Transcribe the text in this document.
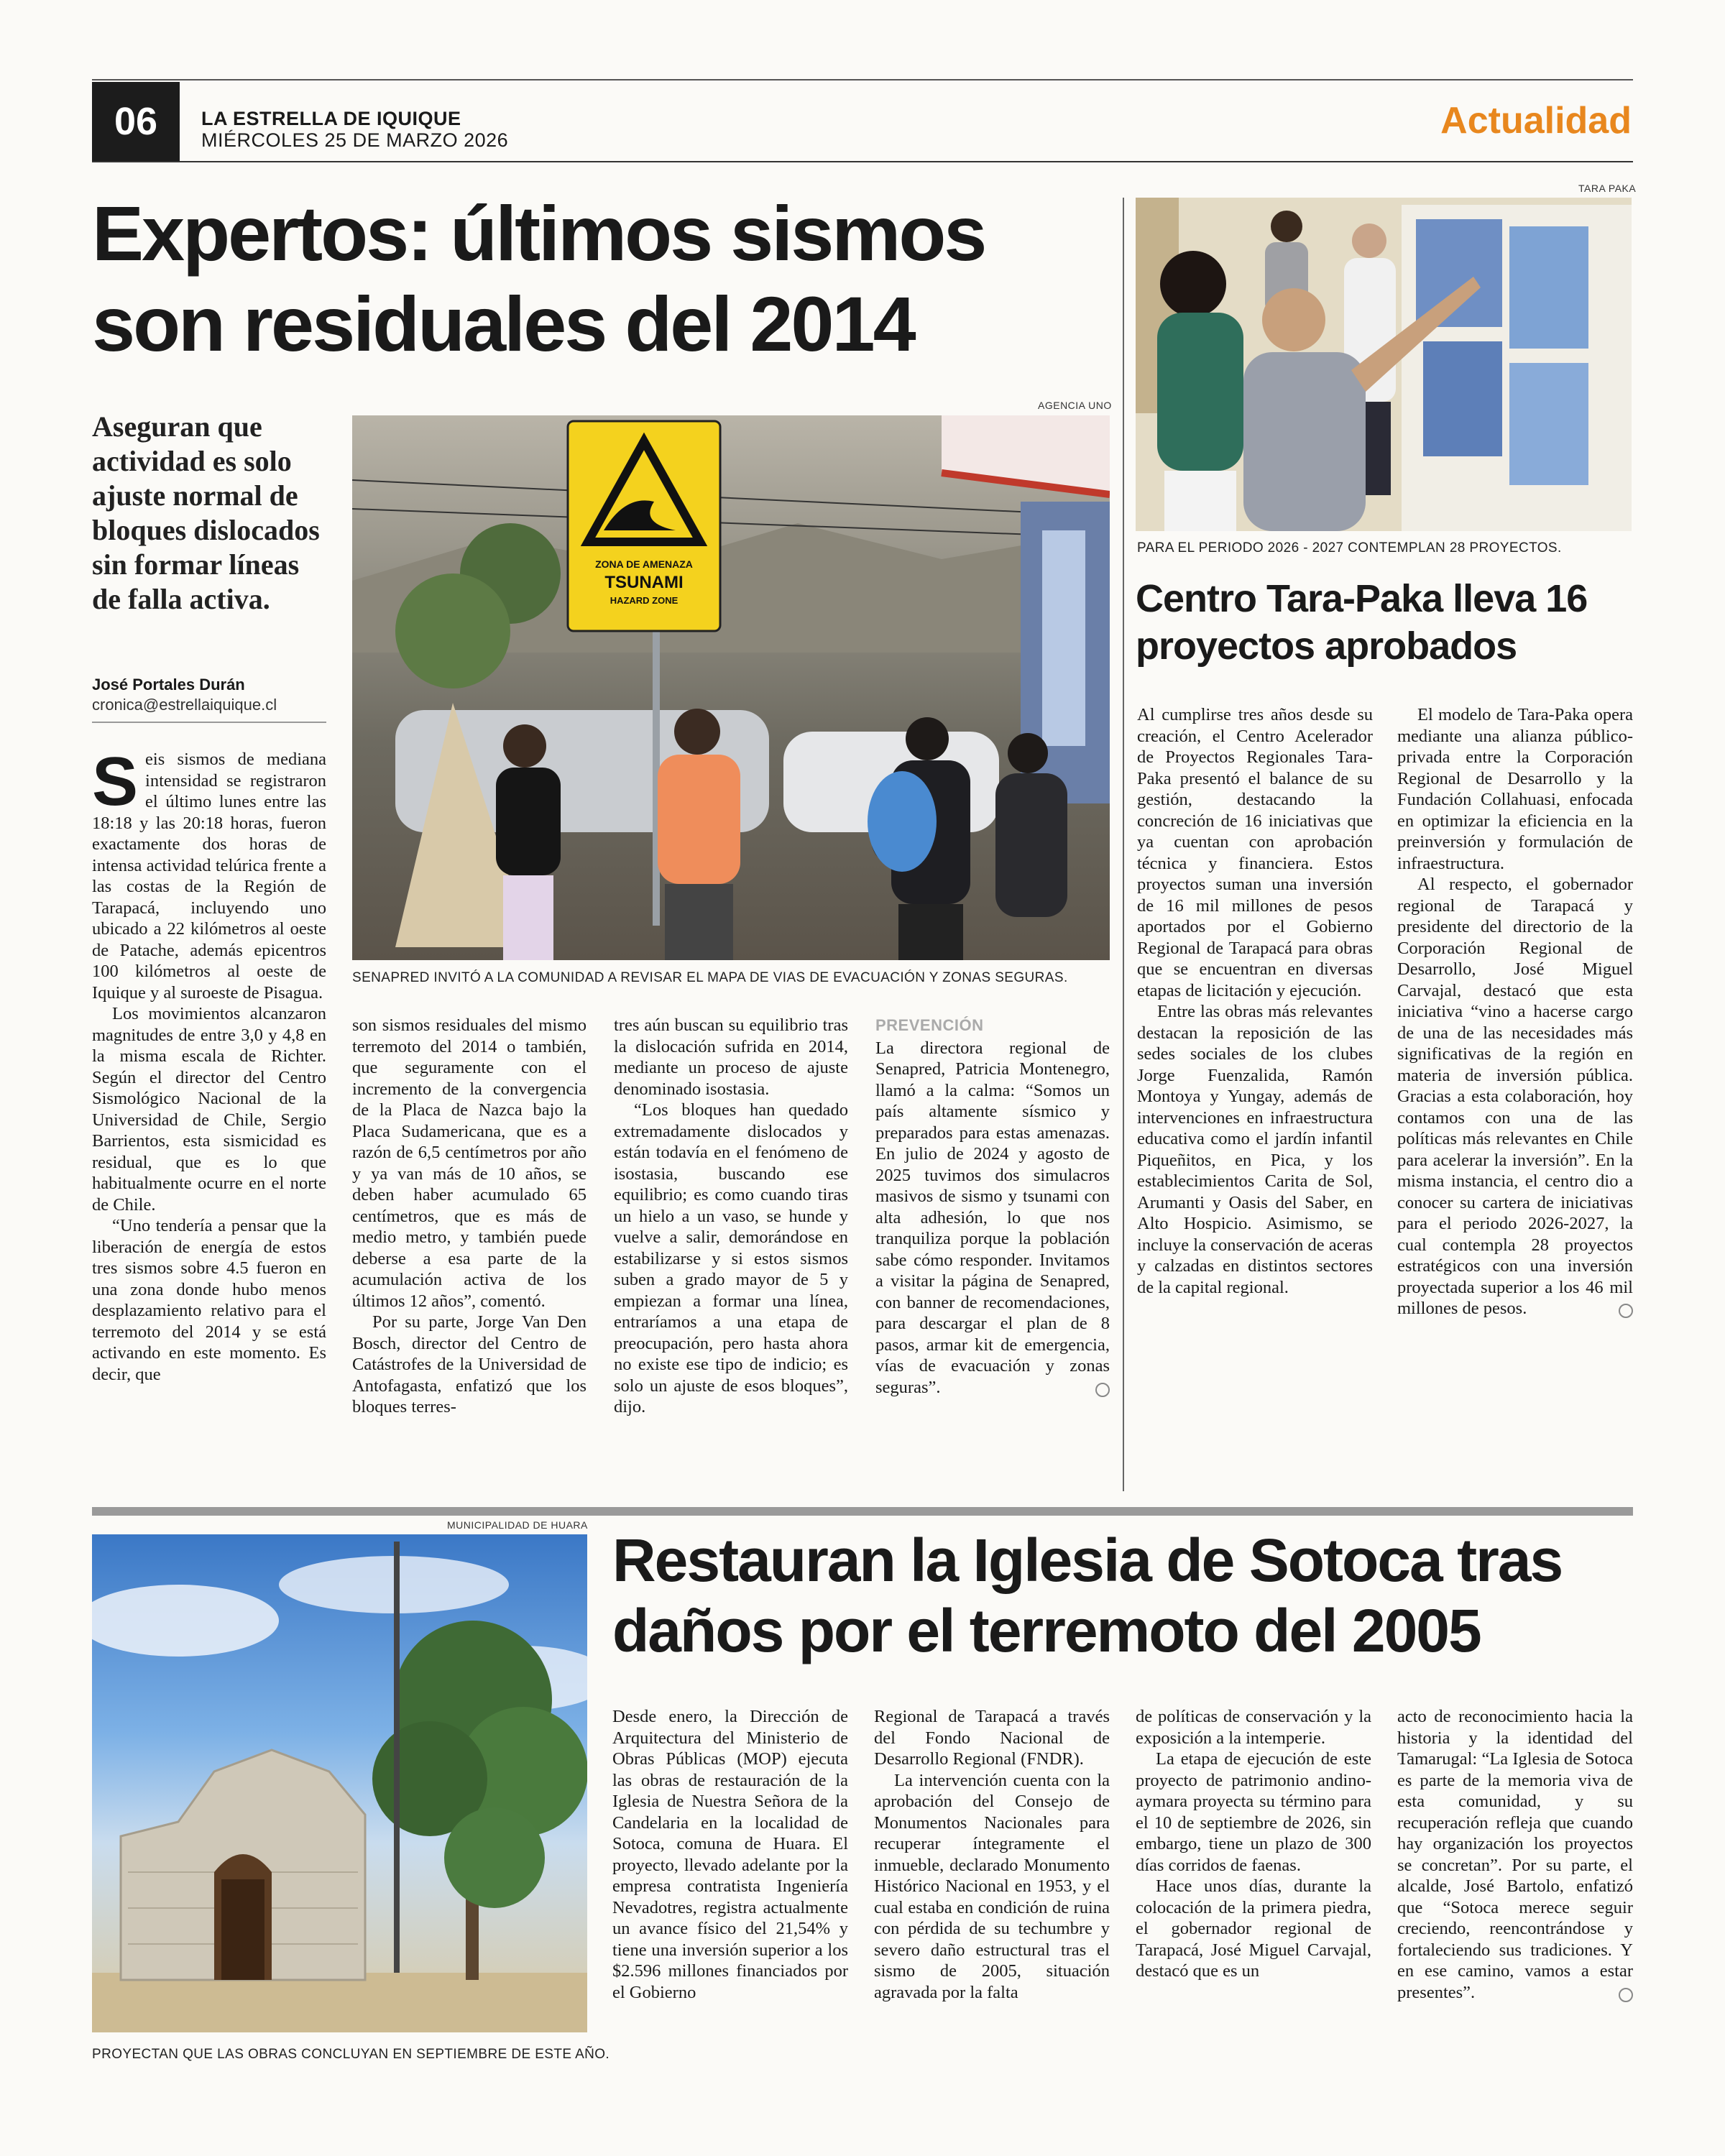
06	LA ESTRELLA DE IQUIQUE
MIÉRCOLES 25 DE MARZO 2026	Actualidad
Expertos: últimos sismos son residuales del 2014

Aseguran que actividad es solo ajuste normal de bloques dislocados sin formar líneas de falla activa.

José Portales Durán
cronica@estrellaiquique.cl
AGENCIA UNO
ZONA DE AMENAZA
TSUNAMI
HAZARD ZONE
SENAPRED INVITÓ A LA COMUNIDAD A REVISAR EL MAPA DE VIAS DE EVACUACIÓN Y ZONAS SEGURAS.
S eis sismos de mediana intensidad se registraron el último lunes entre las 18:18 y las 20:18 horas, fueron exactamente dos horas de intensa actividad telúrica frente a las costas de la Región de Tarapacá, incluyendo uno ubicado a 22 kilómetros al oeste de Patache, además epicentros 100 kilómetros al oeste de Iquique y al suroeste de Pisagua.

Los movimientos alcanzaron magnitudes de entre 3,0 y 4,8 en la misma escala de Richter. Según el director del Centro Sismológico Nacional de la Universidad de Chile, Sergio Barrientos, esta sismicidad es residual, que es lo que habitualmente ocurre en el norte de Chile.

“Uno tendería a pensar que la liberación de energía de estos tres sismos sobre 4.5 fueron en una zona donde hubo menos desplazamiento relativo para el terremoto del 2014 y se está activando en este momento. Es decir, que

son sismos residuales del mismo terremoto del 2014 o también, que seguramente con el incremento de la convergencia de la Placa de Nazca bajo la Placa Sudamericana, que es a razón de 6,5 centímetros por año y ya van más de 10 años, se deben haber acumulado 65 centímetros, que es más de medio metro, y también puede deberse a esa parte de la acumulación activa de los últimos 12 años”, comentó.

Por su parte, Jorge Van Den Bosch, director del Centro de Catástrofes de la Universidad de Antofagasta, enfatizó que los bloques terres-

tres aún buscan su equilibrio tras la dislocación sufrida en 2014, mediante un proceso de ajuste denominado isostasia.

“Los bloques han quedado extremadamente dislocados y están todavía en el fenómeno de isostasia, buscando ese equilibrio; es como cuando tiras un hielo a un vaso, se hunde y vuelve a salir, demorándose en estabilizarse y si estos sismos suben a grado mayor de 5 y empiezan a formar una línea, entraríamos a una etapa de preocupación, pero hasta ahora no existe ese tipo de indicio; es solo un ajuste de esos bloques”, dijo.

PREVENCIÓN

La directora regional de Senapred, Patricia Montenegro, llamó a la calma: “Somos un país altamente sísmico y preparados para estas amenazas. En julio de 2024 y agosto de 2025 tuvimos dos simulacros masivos de sismo y tsunami con alta adhesión, lo que nos tranquiliza porque la población sabe cómo responder. Invitamos a visitar la página de Senapred, con banner de recomendaciones, para descargar el plan de 8 pasos, armar kit de emergencia, vías de evacuación y zonas seguras”.

TARA PAKA
PARA EL PERIODO 2026 - 2027 CONTEMPLAN 28 PROYECTOS.
Centro Tara-Paka lleva 16 proyectos aprobados

Al cumplirse tres años desde su creación, el Centro Acelerador de Proyectos Regionales Tara-Paka presentó el balance de su gestión, destacando la concreción de 16 iniciativas que ya cuentan con aprobación técnica y financiera. Estos proyectos suman una inversión de 16 mil millones de pesos aportados por el Gobierno Regional de Tarapacá para obras que se encuentran en diversas etapas de licitación y ejecución.

Entre las obras más relevantes destacan la reposición de las sedes sociales de los clubes Jorge Fuenzalida, Ramón Montoya y Yungay, además de intervenciones en infraestructura educativa como el jardín infantil Piqueñitos, en Pica, y los establecimientos Carita de Sol, Arumanti y Oasis del Saber, en Alto Hospicio. Asimismo, se incluye la conservación de aceras y calzadas en distintos sectores de la capital regional.

El modelo de Tara-Paka opera mediante una alianza público-privada entre la Corporación Regional de Desarrollo y la Fundación Collahuasi, enfocada en optimizar la eficiencia en la preinversión y formulación de infraestructura.

Al respecto, el gobernador regional de Tarapacá y presidente del directorio de la Corporación Regional de Desarrollo, José Miguel Carvajal, destacó que esta iniciativa “vino a hacerse cargo de una de las necesidades más significativas de la región en materia de inversión pública. Gracias a esta colaboración, hoy contamos con una de las políticas más relevantes en Chile para acelerar la inversión”. En la misma instancia, el centro dio a conocer su cartera de iniciativas para el periodo 2026-2027, la cual contempla 28 proyectos estratégicos con una inversión proyectada superior a los 46 mil millones de pesos.

MUNICIPALIDAD DE HUARA
PROYECTAN QUE LAS OBRAS CONCLUYAN EN SEPTIEMBRE DE ESTE AÑO.
Restauran la Iglesia de Sotoca tras daños por el terremoto del 2005

Desde enero, la Dirección de Arquitectura del Ministerio de Obras Públicas (MOP) ejecuta las obras de restauración de la Iglesia de Nuestra Señora de la Candelaria en la localidad de Sotoca, comuna de Huara. El proyecto, llevado adelante por la empresa contratista Ingeniería Nevadotres, registra actualmente un avance físico del 21,54% y tiene una inversión superior a los $2.596 millones financiados por el Gobierno

Regional de Tarapacá a través del Fondo Nacional de Desarrollo Regional (FNDR).

La intervención cuenta con la aprobación del Consejo de Monumentos Nacionales para recuperar íntegramente el inmueble, declarado Monumento Histórico Nacional en 1953, y el cual estaba en condición de ruina con pérdida de su techumbre y severo daño estructural tras el sismo de 2005, situación agravada por la falta

de políticas de conservación y la exposición a la intemperie.

La etapa de ejecución de este proyecto de patrimonio andino-aymara proyecta su término para el 10 de septiembre de 2026, sin embargo, tiene un plazo de 300 días corridos de faenas.

Hace unos días, durante la colocación de la primera piedra, el gobernador regional de Tarapacá, José Miguel Carvajal, destacó que es un

acto de reconocimiento hacia la historia y la identidad del Tamarugal: “La Iglesia de Sotoca es parte de la memoria viva de esta comunidad, y su recuperación refleja que cuando hay organización los proyectos se concretan”. Por su parte, el alcalde, José Bartolo, enfatizó que “Sotoca merece seguir creciendo, reencontrándose y fortaleciendo sus tradiciones. Y en ese camino, vamos a estar presentes”.
